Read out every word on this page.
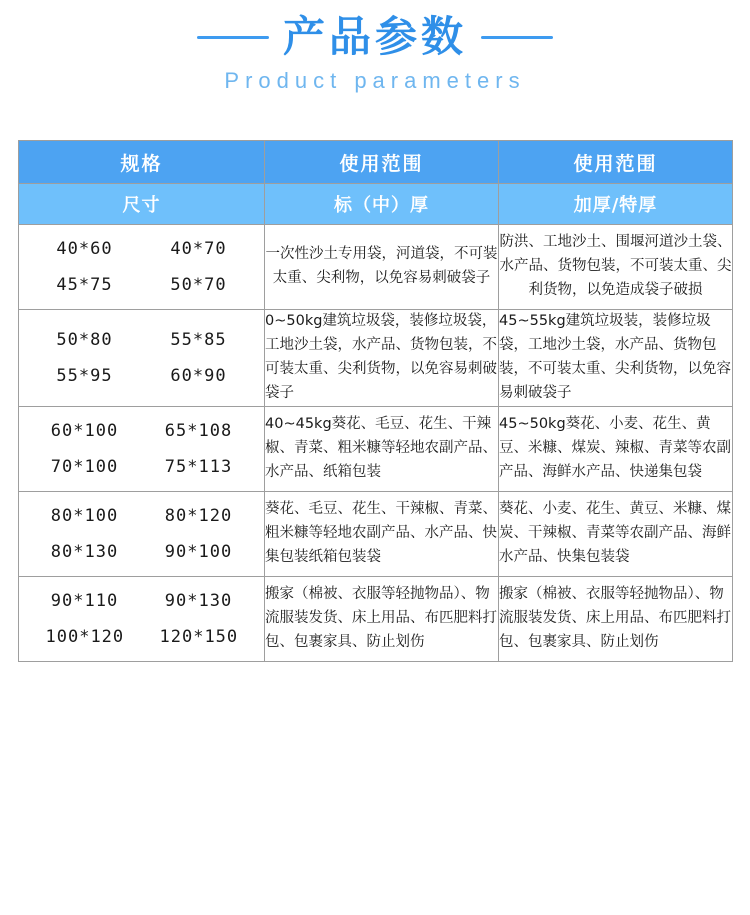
产品参数
Product parameters
规格	使用范围	使用范围
尺寸	标（中）厚	加厚/特厚

40*60 40*70
45*75 50*70	一次性沙土专用袋，河道袋，不可装太重、尖利物，以免容易刺破袋子	防洪、工地沙土、围堰河道沙土袋、水产品、货物包装，不可装太重、尖利货物，以免造成袋子破损

50*80 55*85
55*95 60*90	0~50kg建筑垃圾袋，装修垃圾袋，工地沙土袋，水产品、货物包装，不可装太重、尖利货物，以免容易刺破袋子	45~55kg建筑垃圾装，装修垃圾袋，工地沙土袋，水产品、货物包装，不可装太重、尖利货物，以免容易刺破袋子

60*100 65*108
70*100 75*113	40~45kg葵花、毛豆、花生、干辣椒、青菜、粗米糠等轻地农副产品、水产品、纸箱包装	45~50kg葵花、小麦、花生、黄豆、米糠、煤炭、辣椒、青菜等农副产品、海鲜水产品、快递集包袋

80*100 80*120
80*130 90*100	葵花、毛豆、花生、干辣椒、青菜、粗米糠等轻地农副产品、水产品、快集包装纸箱包装袋	葵花、小麦、花生、黄豆、米糠、煤炭、干辣椒、青菜等农副产品、海鲜水产品、快集包装袋

90*110 90*130
100*120 120*150	搬家（棉被、衣服等轻抛物品）、物流服装发货、床上用品、布匹肥料打包、包裹家具、防止划伤	搬家（棉被、衣服等轻抛物品）、物流服装发货、床上用品、布匹肥料打包、包裹家具、防止划伤
